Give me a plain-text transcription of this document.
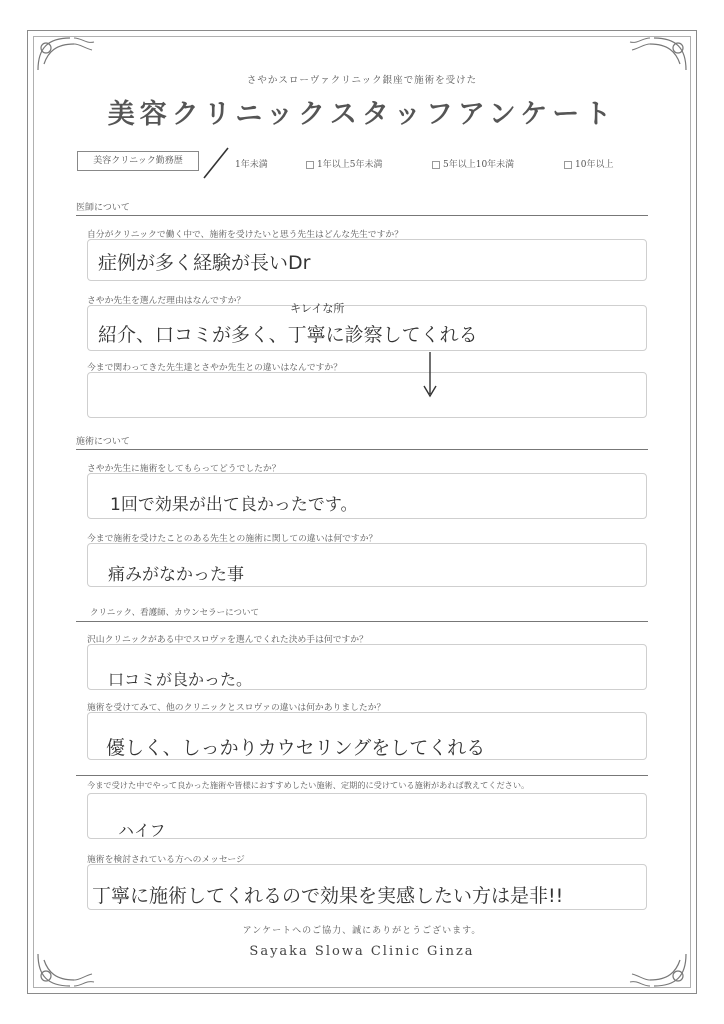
さやかスローヴァクリニック銀座で施術を受けた
美容クリニックスタッフアンケート
美容クリニック勤務歴	1年未満	1年以上5年未満	5年以上10年未満	10年以上
医師について
自分がクリニックで働く中で、施術を受けたいと思う先生はどんな先生ですか？
症例が多く経験が長いDr
さやか先生を選んだ理由はなんですか？
紹介、口コミが多く、丁寧に診察してくれる
キレイな所
今まで関わってきた先生達とさやか先生との違いはなんですか？
施術について
さやか先生に施術をしてもらってどうでしたか？
1回で効果が出て良かったです。
今まで施術を受けたことのある先生との施術に関しての違いは何ですか？
痛みがなかった事
クリニック、看護師、カウンセラーについて
沢山クリニックがある中でスロヴァを選んでくれた決め手は何ですか？
口コミが良かった。
施術を受けてみて、他のクリニックとスロヴァの違いは何かありましたか？
優しく、しっかりカウセリングをしてくれる
今まで受けた中でやって良かった施術や皆様におすすめしたい施術、定期的に受けている施術があれば教えてください。
ハイフ
施術を検討されている方へのメッセージ
丁寧に施術してくれるので効果を実感したい方は是非!!
アンケートへのご協力、誠にありがとうございます。
Sayaka Slowa Clinic Ginza
